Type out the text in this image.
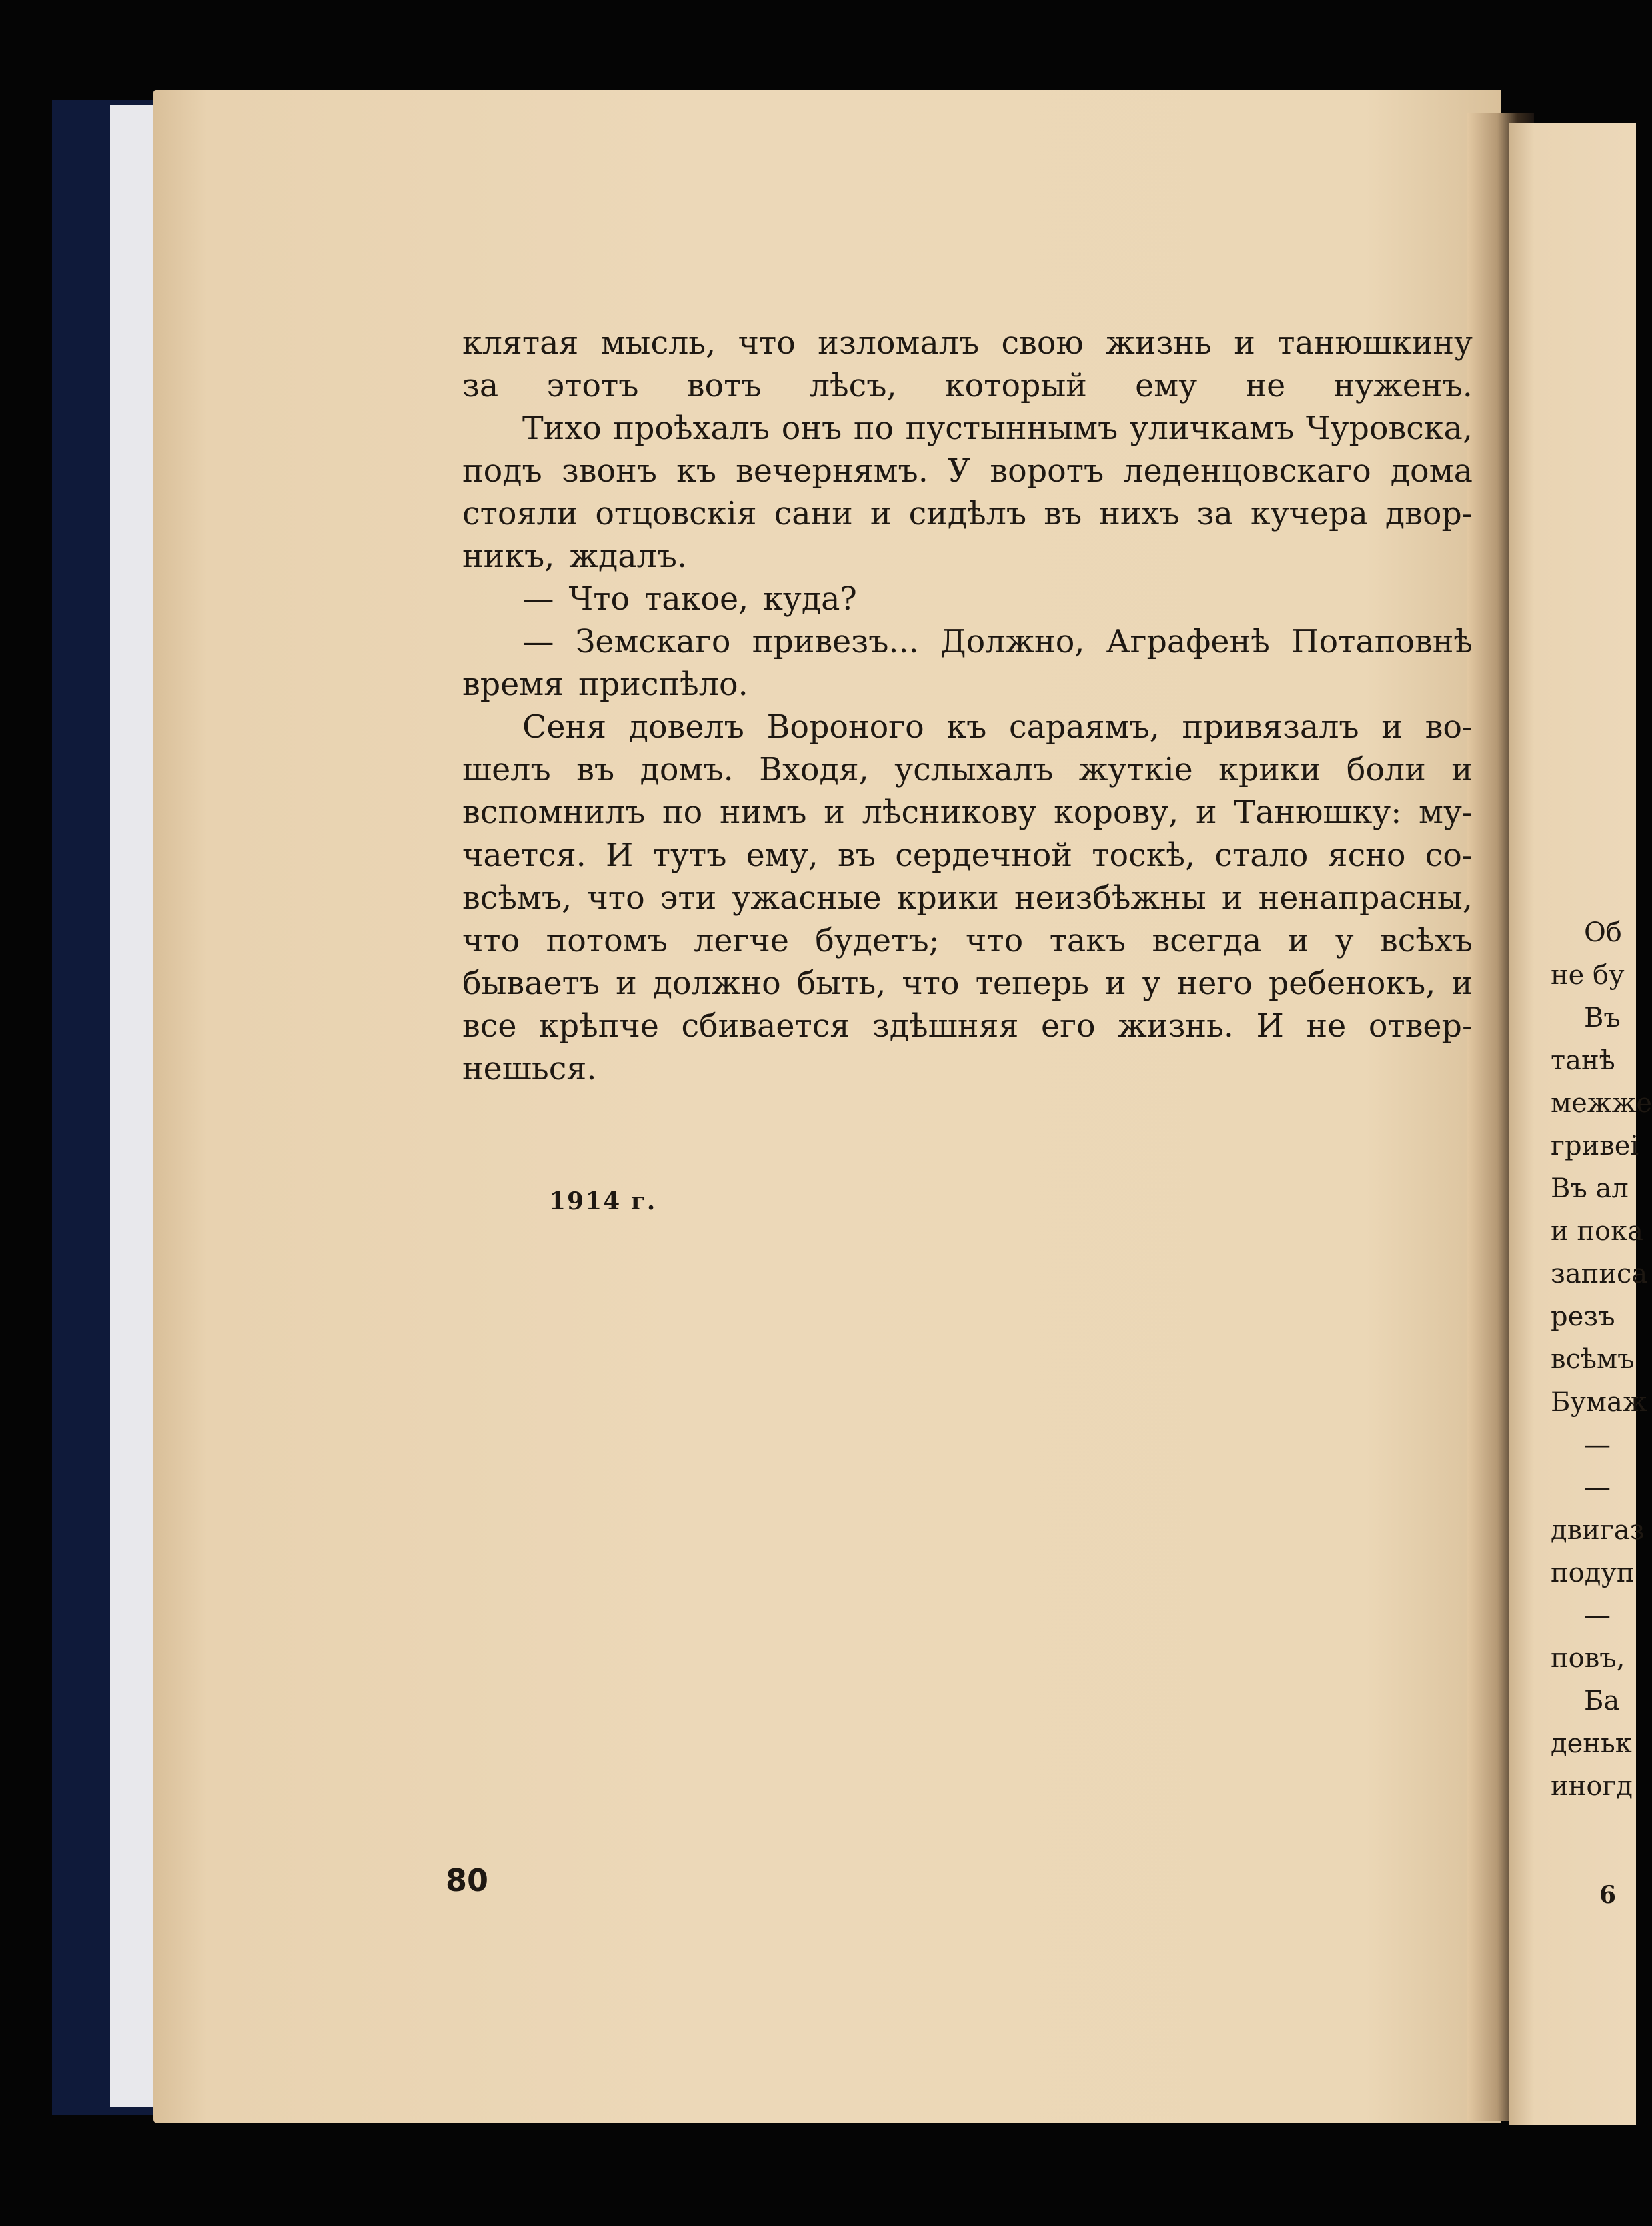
клятая мысль, что изломалъ свою жизнь и танюшкину
за этотъ вотъ лѣсъ, который ему не нуженъ.
Тихо проѣхалъ онъ по пустыннымъ уличкамъ Чуровска,
подъ звонъ къ вечернямъ. У воротъ леденцовскаго дома
стояли отцовскія сани и сидѣлъ въ нихъ за кучера двор-
никъ, ждалъ.
— Что такое, куда?
— Земскаго привезъ... Должно, Аграфенѣ Потаповнѣ
время приспѣло.
Сеня довелъ Вороного къ сараямъ, привязалъ и во-
шелъ въ домъ. Входя, услыхалъ жуткіе крики боли и
вспомнилъ по нимъ и лѣсникову корову, и Танюшку: му-
чается. И тутъ ему, въ сердечной тоскѣ, стало ясно со-
всѣмъ, что эти ужасные крики неизбѣжны и ненапрасны,
что потомъ легче будетъ; что такъ всегда и у всѣхъ
бываетъ и должно быть, что теперь и у него ребенокъ, и
все крѣпче сбивается здѣшняя его жизнь. И не отвер-
нешься.
1914 г.
80
Об
не бу
Въ
танѣ
межже
гривеі
Въ ал
и пока
записа
резъ
всѣмъ
Бумаж
—
—
двигаз
подуп
—
повъ,
Ба
деньк
иногд
6
